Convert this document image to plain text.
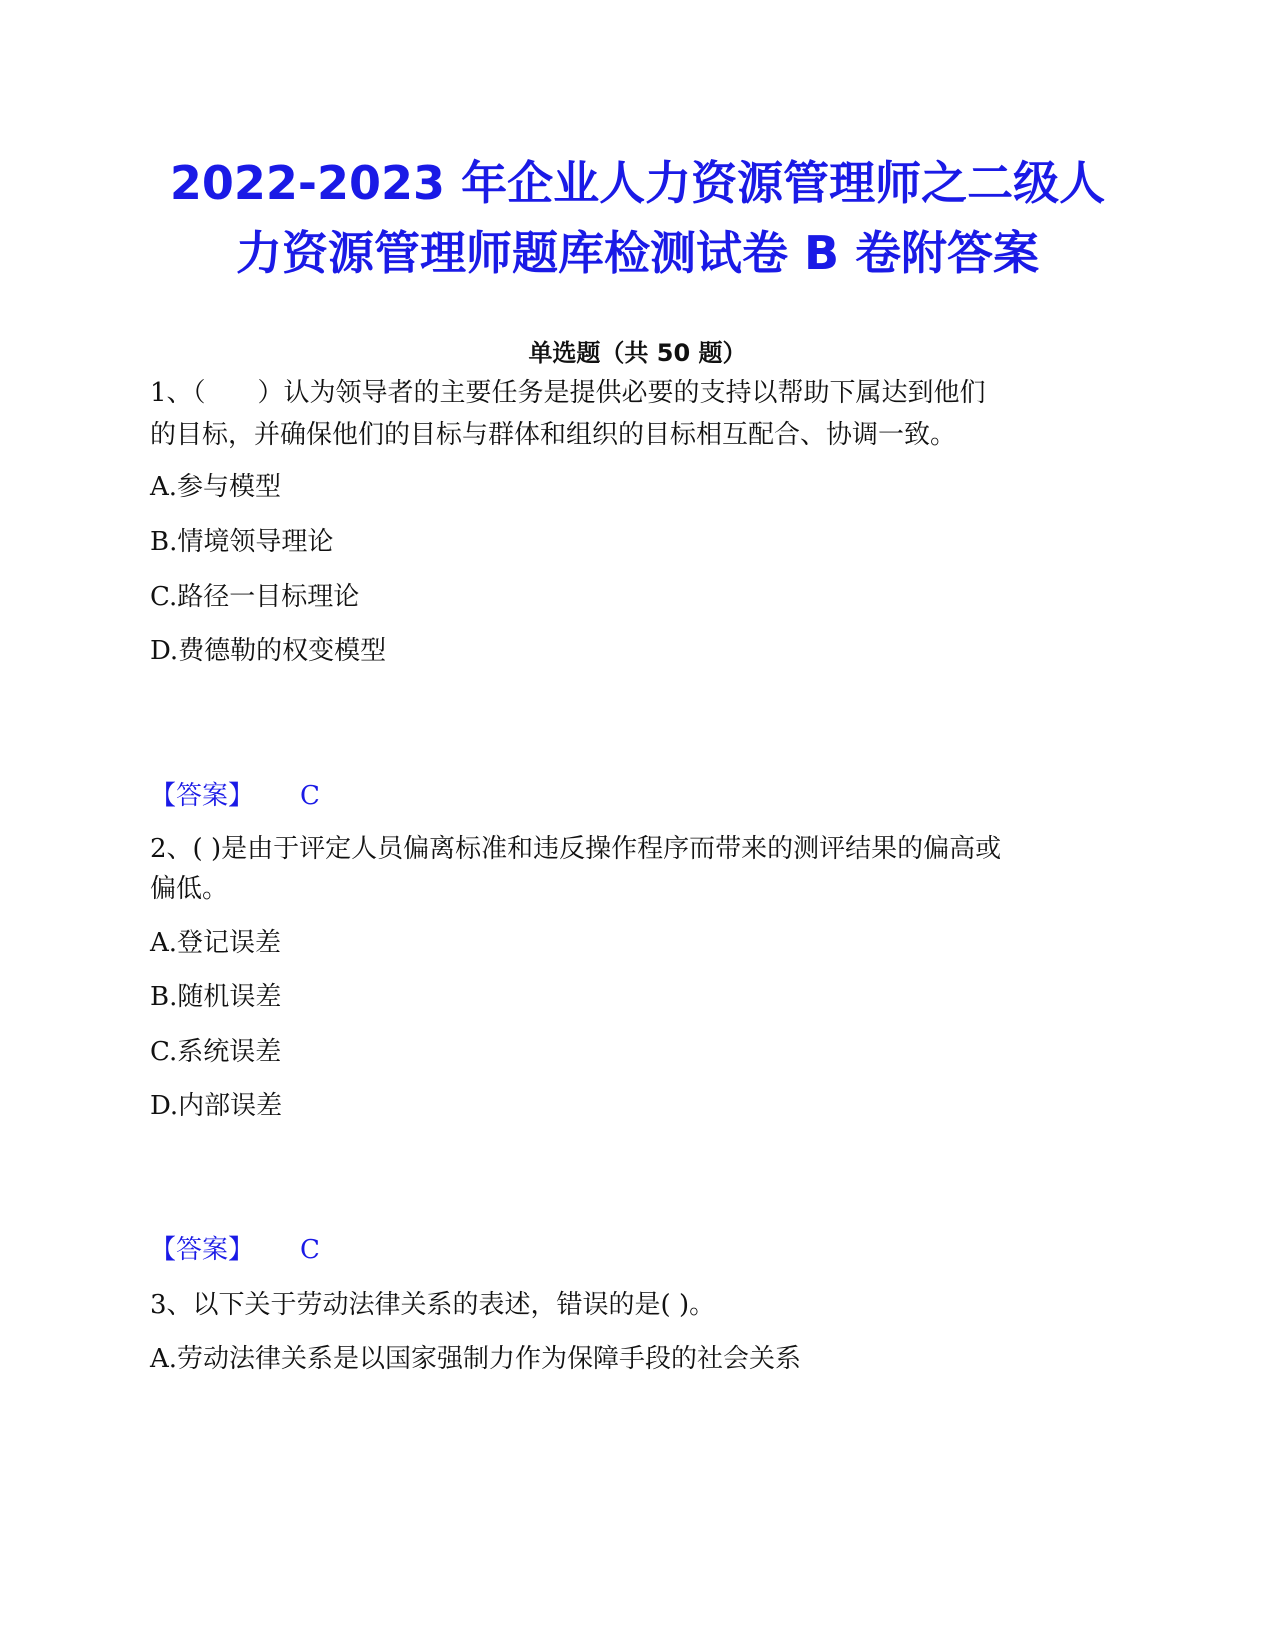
2022-2023 年企业人力资源管理师之二级人
力资源管理师题库检测试卷 B 卷附答案

单选题（共 50 题）

1、（　　）认为领导者的主要任务是提供必要的支持以帮助下属达到他们

的目标，并确保他们的目标与群体和组织的目标相互配合、协调一致。

A.参与模型

B.情境领导理论

C.路径一目标理论

D.费德勒的权变模型

【答案】 C

2、( )是由于评定人员偏离标准和违反操作程序而带来的测评结果的偏高或

偏低。

A.登记误差

B.随机误差

C.系统误差

D.内部误差

【答案】 C

3、以下关于劳动法律关系的表述，错误的是( )。

A.劳动法律关系是以国家强制力作为保障手段的社会关系
